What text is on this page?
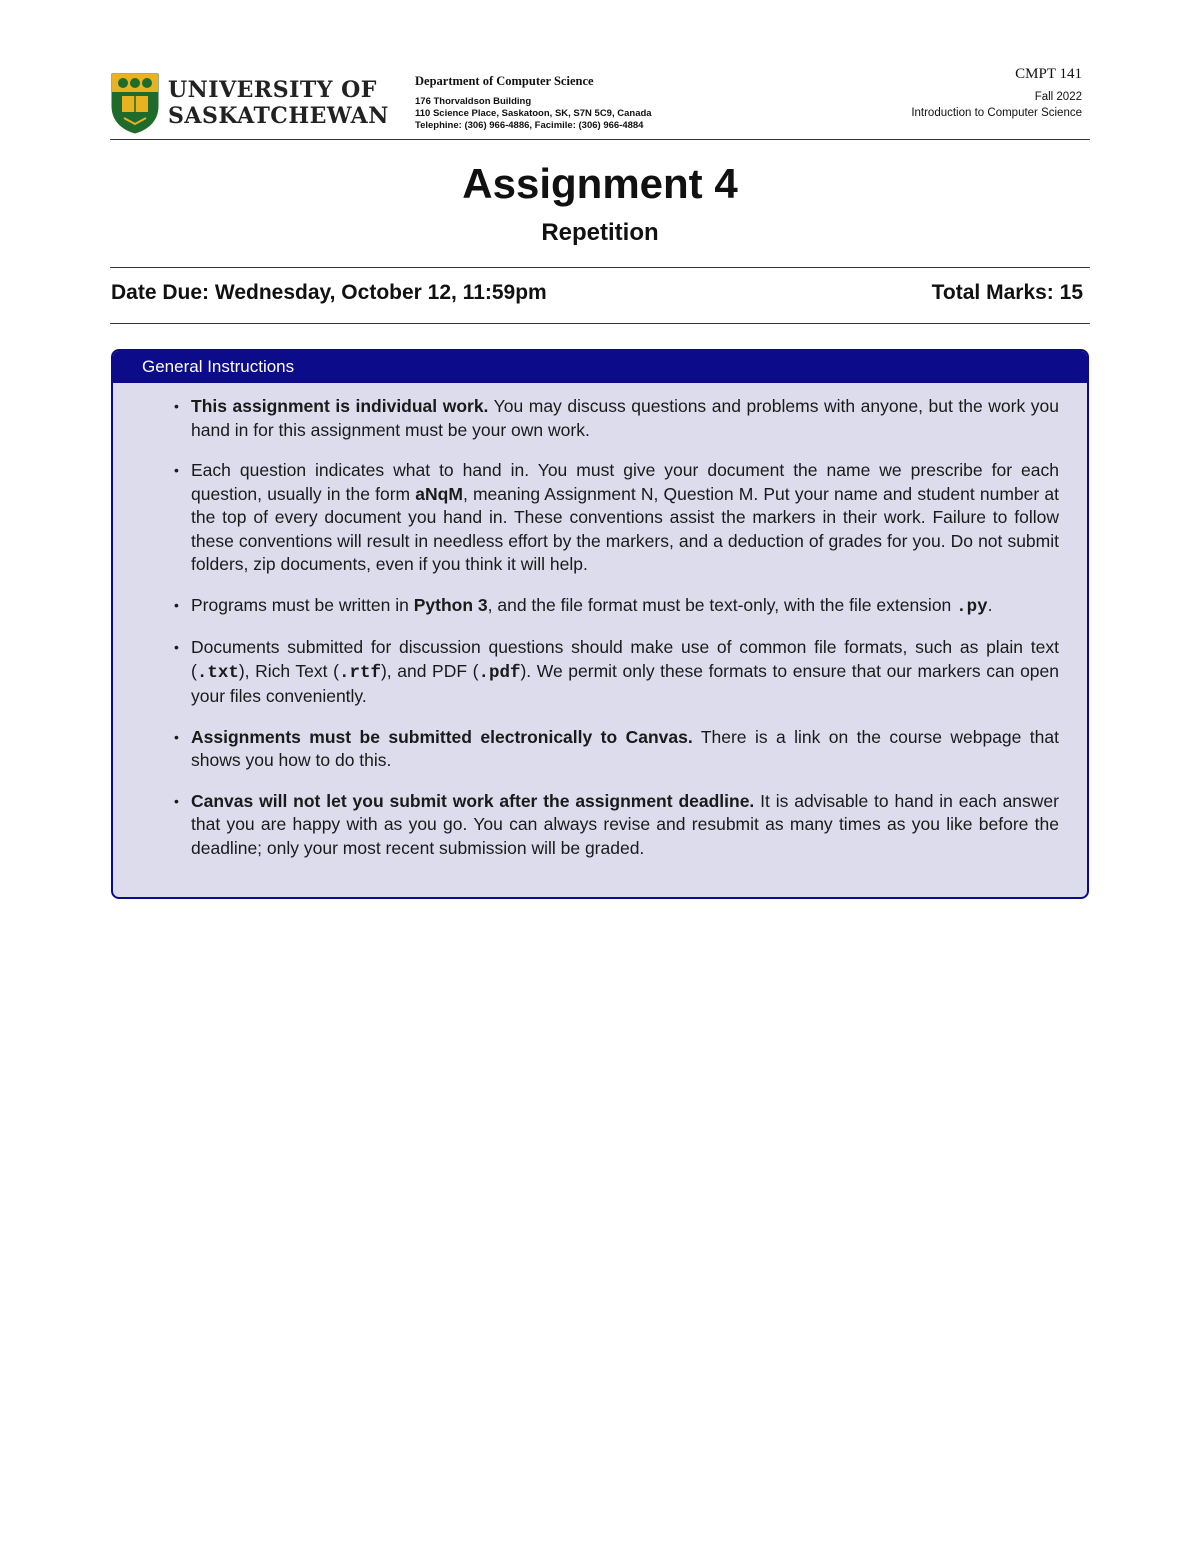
UNIVERSITY OF
SASKATCHEWAN
Department of Computer Science
176 Thorvaldson Building
110 Science Place, Saskatoon, SK, S7N 5C9, Canada
Telephine: (306) 966-4886, Facimile: (306) 966-4884
CMPT 141
Fall 2022
Introduction to Computer Science
Assignment 4
Repetition
Date Due: Wednesday, October 12, 11:59pm	Total Marks: 15
General Instructions
• This assignment is individual work. You may discuss questions and problems with anyone, but the work you hand in for this assignment must be your own work.
• Each question indicates what to hand in. You must give your document the name we prescribe for each question, usually in the form aNqM, meaning Assignment N, Question M. Put your name and student number at the top of every document you hand in. These conventions assist the markers in their work. Failure to follow these conventions will result in needless effort by the markers, and a deduction of grades for you. Do not submit folders, zip documents, even if you think it will help.
• Programs must be written in Python 3, and the file format must be text-only, with the file extension .py.
• Documents submitted for discussion questions should make use of common file formats, such as plain text (.txt), Rich Text (.rtf), and PDF (.pdf). We permit only these formats to ensure that our markers can open your files conveniently.
• Assignments must be submitted electronically to Canvas. There is a link on the course webpage that shows you how to do this.
• Canvas will not let you submit work after the assignment deadline. It is advisable to hand in each answer that you are happy with as you go. You can always revise and resubmit as many times as you like before the deadline; only your most recent submission will be graded.
